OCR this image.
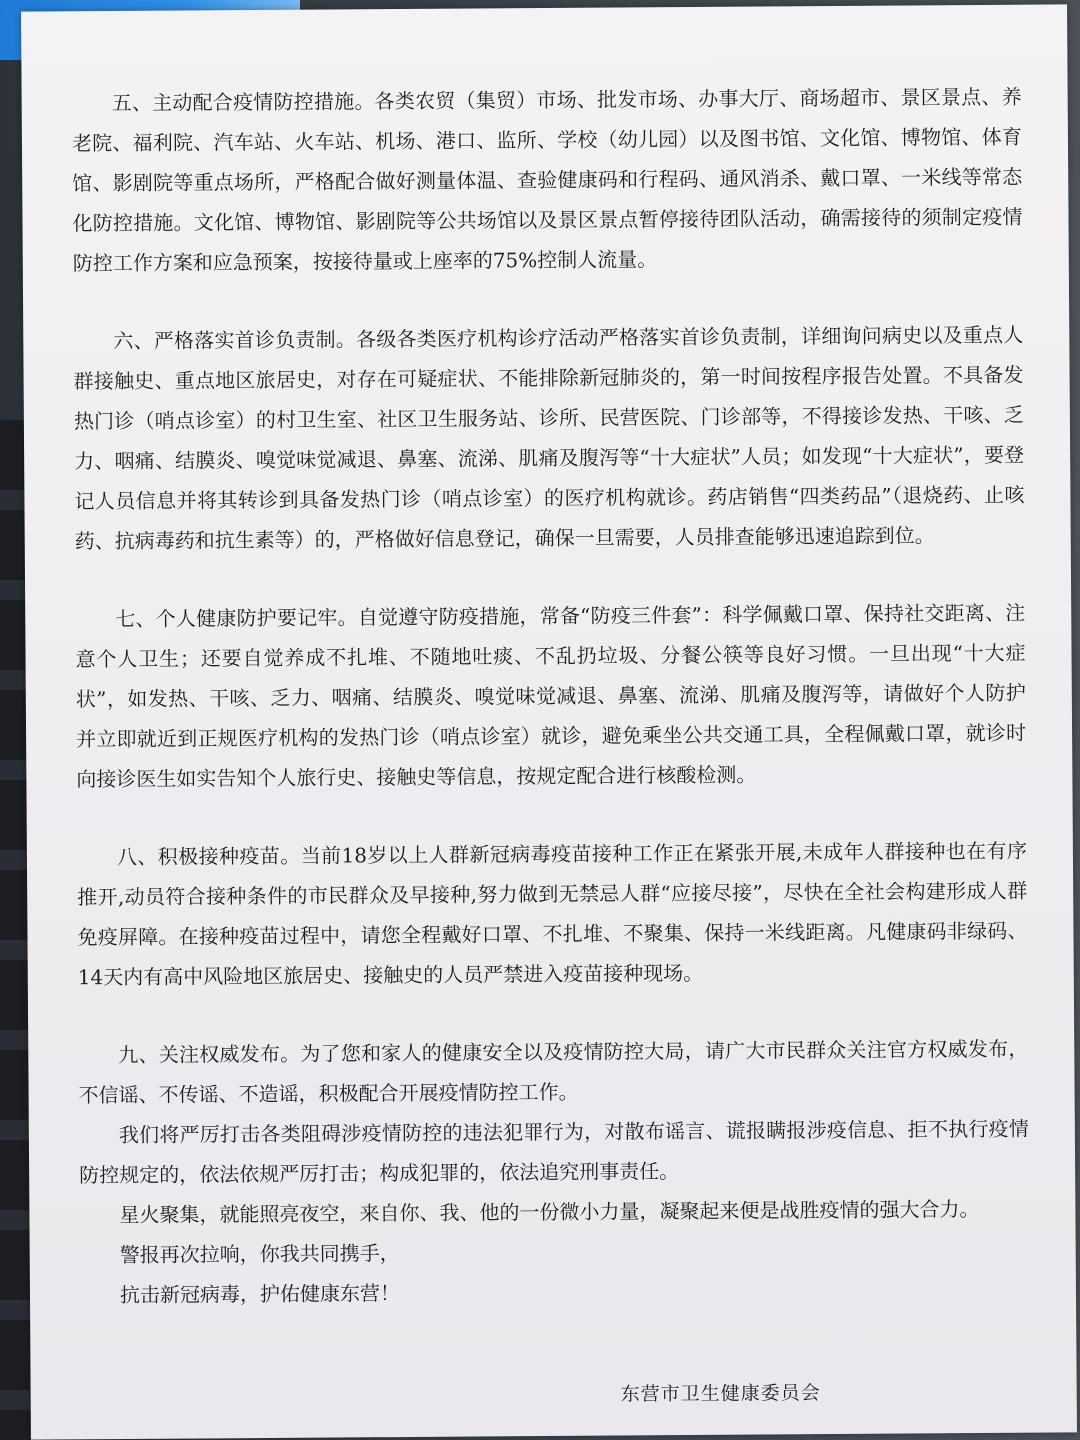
五、主动配合疫情防控措施。各类农贸（集贸）市场、批发市场、办事大厅、商场超市、景区景点、养老院、福利院、汽车站、火车站、机场、港口、监所、学校（幼儿园）以及图书馆、文化馆、博物馆、体育馆、影剧院等重点场所，严格配合做好测量体温、查验健康码和行程码、通风消杀、戴口罩、一米线等常态化防控措施。文化馆、博物馆、影剧院等公共场馆以及景区景点暂停接待团队活动，确需接待的须制定疫情防控工作方案和应急预案，按接待量或上座率的75%控制人流量。

六、严格落实首诊负责制。各级各类医疗机构诊疗活动严格落实首诊负责制，详细询问病史以及重点人群接触史、重点地区旅居史，对存在可疑症状、不能排除新冠肺炎的，第一时间按程序报告处置。不具备发热门诊（哨点诊室）的村卫生室、社区卫生服务站、诊所、民营医院、门诊部等，不得接诊发热、干咳、乏力、咽痛、结膜炎、嗅觉味觉减退、鼻塞、流涕、肌痛及腹泻等“十大症状”人员；如发现“十大症状”，要登记人员信息并将其转诊到具备发热门诊（哨点诊室）的医疗机构就诊。药店销售“四类药品”（退烧药、止咳药、抗病毒药和抗生素等）的，严格做好信息登记，确保一旦需要，人员排查能够迅速追踪到位。

七、个人健康防护要记牢。自觉遵守防疫措施，常备“防疫三件套”：科学佩戴口罩、保持社交距离、注意个人卫生；还要自觉养成不扎堆、不随地吐痰、不乱扔垃圾、分餐公筷等良好习惯。一旦出现“十大症状”，如发热、干咳、乏力、咽痛、结膜炎、嗅觉味觉减退、鼻塞、流涕、肌痛及腹泻等，请做好个人防护并立即就近到正规医疗机构的发热门诊（哨点诊室）就诊，避免乘坐公共交通工具，全程佩戴口罩，就诊时向接诊医生如实告知个人旅行史、接触史等信息，按规定配合进行核酸检测。

八、积极接种疫苗。当前18岁以上人群新冠病毒疫苗接种工作正在紧张开展,未成年人群接种也在有序推开,动员符合接种条件的市民群众及早接种,努力做到无禁忌人群“应接尽接”，尽快在全社会构建形成人群免疫屏障。在接种疫苗过程中，请您全程戴好口罩、不扎堆、不聚集、保持一米线距离。凡健康码非绿码、14天内有高中风险地区旅居史、接触史的人员严禁进入疫苗接种现场。

九、关注权威发布。为了您和家人的健康安全以及疫情防控大局，请广大市民群众关注官方权威发布，不信谣、不传谣、不造谣，积极配合开展疫情防控工作。

我们将严厉打击各类阻碍涉疫情防控的违法犯罪行为，对散布谣言、谎报瞒报涉疫信息、拒不执行疫情防控规定的，依法依规严厉打击；构成犯罪的，依法追究刑事责任。

星火聚集，就能照亮夜空，来自你、我、他的一份微小力量，凝聚起来便是战胜疫情的强大合力。

警报再次拉响，你我共同携手，

抗击新冠病毒，护佑健康东营！

东营市卫生健康委员会
